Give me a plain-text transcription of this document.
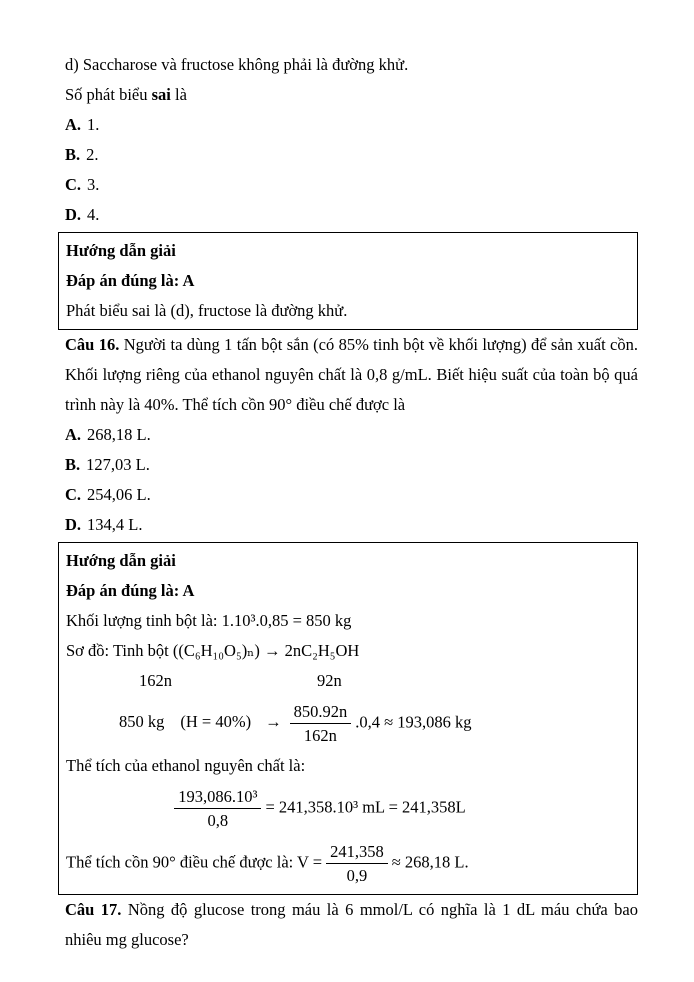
d) Saccharose và fructose không phải là đường khử.

Số phát biểu sai là

A. 1.

B. 2.

C. 3.

D. 4.

Hướng dẫn giải

Đáp án đúng là: A

Phát biểu sai là (d), fructose là đường khử.

Câu 16. Người ta dùng 1 tấn bột sắn (có 85% tinh bột về khối lượng) để sản xuất cồn. Khối lượng riêng của ethanol nguyên chất là 0,8 g/mL. Biết hiệu suất của toàn bộ quá trình này là 40%. Thể tích cồn 90° điều chế được là

A. 268,18 L.

B. 127,03 L.

C. 254,06 L.

D. 134,4 L.

Hướng dẫn giải

Đáp án đúng là: A

Khối lượng tinh bột là: 1.10³.0,85 = 850 kg

Sơ đồ: Tinh bột ((C₆H₁₀O₅)ₙ) → 2nC₂H₅OH

162n	92n

850 kg $(H = 40\%) \to \frac{850.92n}{162n} .0,4 \approx 193,086$ kg

Thể tích của ethanol nguyên chất là:

$\frac{\text{193,086.10³}}{0,8} = 241,358.10^3$ mL = 241,358L

Thể tích cồn 90° điều chế được là: $V = \frac{241,358}{0,9} \approx 268,18$ L.

Câu 17. Nồng độ glucose trong máu là 6 mmol/L có nghĩa là 1 dL máu chứa bao nhiêu mg glucose?
